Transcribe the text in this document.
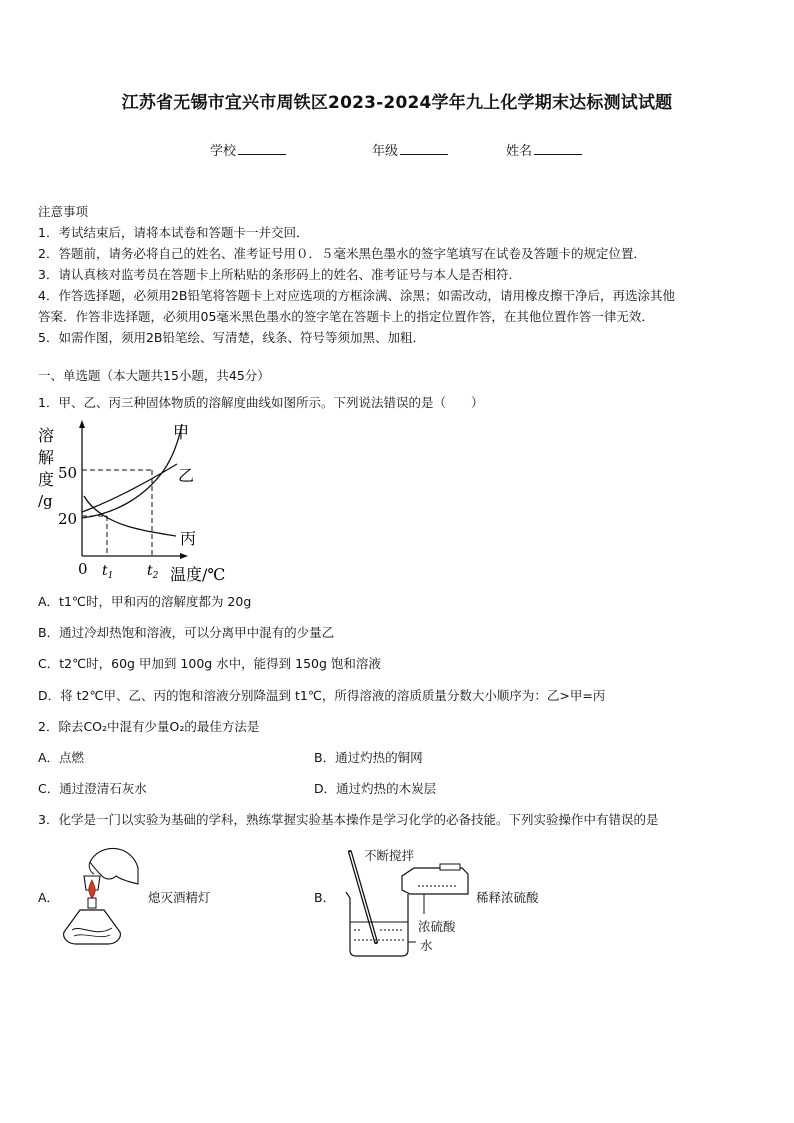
江苏省无锡市宜兴市周铁区2023-2024学年九上化学期末达标测试试题
学校	年级	姓名
注意事项
1．考试结束后，请将本试卷和答题卡一并交回．
2．答题前，请务必将自己的姓名、准考证号用０．５毫米黑色墨水的签字笔填写在试卷及答题卡的规定位置．
3．请认真核对监考员在答题卡上所粘贴的条形码上的姓名、准考证号与本人是否相符．
4．作答选择题，必须用2B铅笔将答题卡上对应选项的方框涂满、涂黑；如需改动，请用橡皮擦干净后，再选涂其他
答案．作答非选择题，必须用05毫米黑色墨水的签字笔在答题卡上的指定位置作答，在其他位置作答一律无效．
5．如需作图，须用2B铅笔绘、写清楚，线条、符号等须加黑、加粗．
一、单选题（本大题共15小题，共45分）
1．甲、乙、丙三种固体物质的溶解度曲线如图所示。下列说法错误的是（　　）
溶
解
度
/g
50
20
0 $t_1$ $t_2$ 温度/℃
甲
乙
丙
A．t1℃时，甲和丙的溶解度都为 20g
B．通过冷却热饱和溶液，可以分离甲中混有的少量乙
C．t2℃时，60g 甲加到 100g 水中，能得到 150g 饱和溶液
D．将 t2℃甲、乙、丙的饱和溶液分别降温到 t1℃，所得溶液的溶质质量分数大小顺序为：乙>甲=丙
2．除去CO₂中混有少量O₂的最佳方法是
A．点燃	B．通过灼热的铜网
C．通过澄清石灰水	D．通过灼热的木炭层
3．化学是一门以实验为基础的学科，熟练掌握实验基本操作是学习化学的必备技能。下列实验操作中有错误的是
A．	熄灭酒精灯	B．
不断搅拌
稀释浓硫酸
浓硫酸
水
